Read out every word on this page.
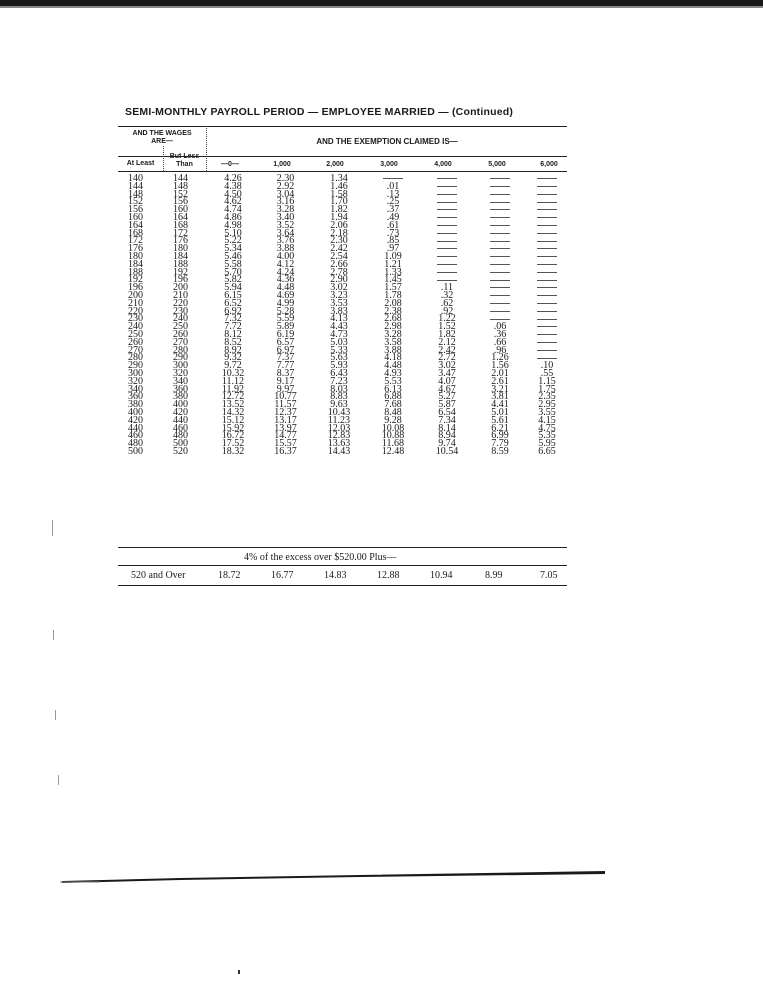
SEMI-MONTHLY PAYROLL PERIOD — EMPLOYEE MARRIED — (Continued)
AND THE WAGES
ARE—	AND THE EXEMPTION CLAIMED IS—
At Least
But Less
Than	—0—	1,000	2,000	3,000	4,000	5,000	6,000
140	144	4.26	2.30	1.34				
144	148	4.38	2.92	1.46	.01			
148	152	4.50	3.04	1.58	.13			
152	156	4.62	3.16	1.70	.25			
156	160	4.74	3.28	1.82	.37			
160	164	4.86	3.40	1.94	.49			
164	168	4.98	3.52	2.06	.61			
168	172	5.10	3.64	2.18	.73			
172	176	5.22	3.76	2.30	.85			
176	180	5.34	3.88	2.42	.97			
180	184	5.46	4.00	2.54	1.09			
184	188	5.58	4.12	2.66	1.21			
188	192	5.70	4.24	2.78	1.33			
192	196	5.82	4.36	2.90	1.45			
196	200	5.94	4.48	3.02	1.57	.11		
200	210	6.15	4.69	3.23	1.78	.32		
210	220	6.52	4.99	3.53	2.08	.62		
220	230	6.92	5.28	3.83	2.38	.92		
230	240	7.32	5.59	4.13	2.68	1.22		
240	250	7.72	5.89	4.43	2.98	1.52	.06	
250	260	8.12	6.19	4.73	3.28	1.82	.36	
260	270	8.52	6.57	5.03	3.58	2.12	.66	
270	280	8.92	6.97	5.33	3.88	2.42	.96	
280	290	9.32	7.37	5.63	4.18	2.72	1.26	
290	300	9.72	7.77	5.93	4.48	3.02	1.56	.10
300	320	10.32	8.37	6.43	4.93	3.47	2.01	.55
320	340	11.12	9.17	7.23	5.53	4.07	2.61	1.15
340	360	11.92	9.97	8.03	6.13	4.67	3.21	1.75
360	380	12.72	10.77	8.83	6.88	5.27	3.81	2.35
380	400	13.52	11.57	9.63	7.68	5.87	4.41	2.95
400	420	14.32	12.37	10.43	8.48	6.54	5.01	3.55
420	440	15.12	13.17	11.23	9.28	7.34	5.61	4.15
440	460	15.92	13.97	12.03	10.08	8.14	6.21	4.75
460	480	16.72	14.77	12.83	10.88	8.94	6.99	5.35
480	500	17.52	15.57	13.63	11.68	9.74	7.79	5.95
500	520	18.32	16.37	14.43	12.48	10.54	8.59	6.65
4% of the excess over $520.00 Plus—
520 and Over	18.72	16.77	14.83	12.88	10.94	8.99	7.05
